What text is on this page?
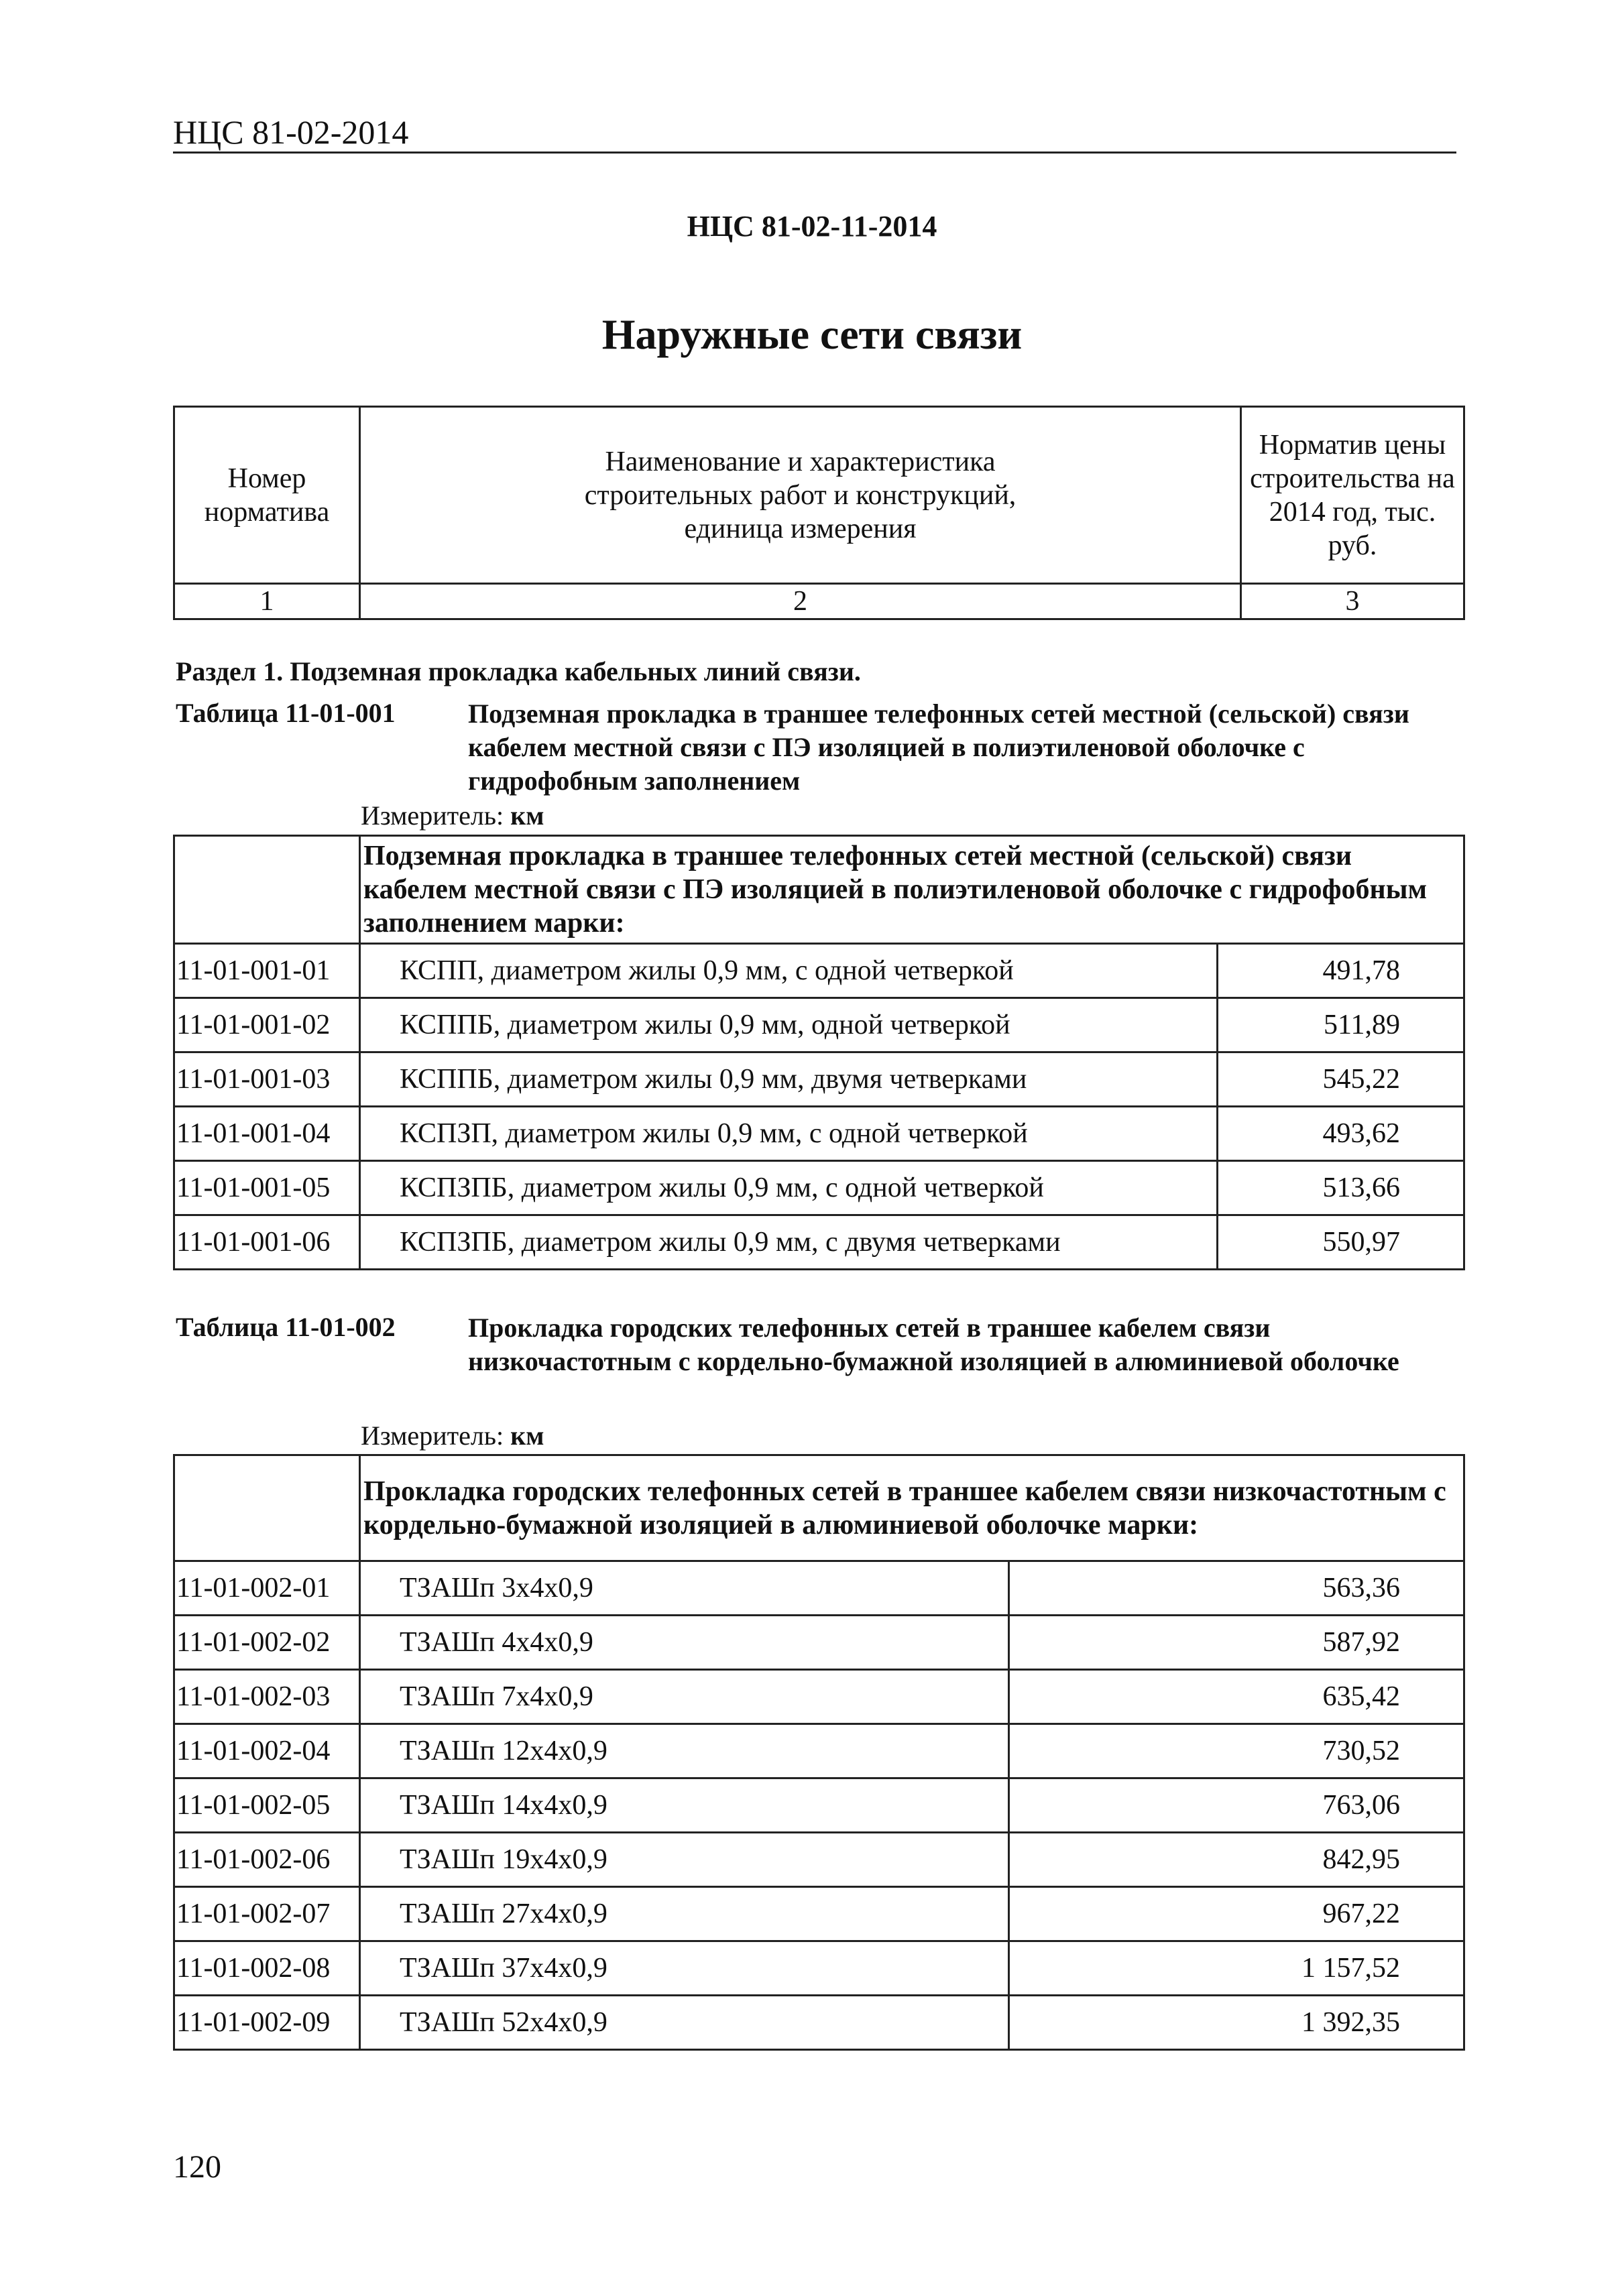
НЦС 81-02-2014
НЦС 81-02-11-2014
Наружные сети связи
Номер норматива	Наименование и характеристика строительных работ и конструкций, единица измерения	Норматив цены строительства на 2014 год, тыс. руб.
1	2	3
Раздел 1. Подземная прокладка кабельных линий связи.
Таблица 11-01-001	Подземная прокладка в траншее телефонных сетей местной (сельской) связи кабелем местной связи с ПЭ изоляцией в полиэтиленовой оболочке с гидрофобным заполнением
Измеритель: км
	Подземная прокладка в траншее телефонных сетей местной (сельской) связи кабелем местной связи с ПЭ изоляцией в полиэтиленовой оболочке с гидрофобным заполнением марки:	
11-01-001-01	КСПП, диаметром жилы 0,9 мм, с одной четверкой	491,78
11-01-001-02	КСППБ, диаметром жилы 0,9 мм, одной четверкой	511,89
11-01-001-03	КСППБ, диаметром жилы 0,9 мм, двумя четверками	545,22
11-01-001-04	КСПЗП, диаметром жилы 0,9 мм, с одной четверкой	493,62
11-01-001-05	КСПЗПБ, диаметром жилы 0,9 мм, с одной четверкой	513,66
11-01-001-06	КСПЗПБ, диаметром жилы 0,9 мм, с двумя четверками	550,97
Таблица 11-01-002	Прокладка городских телефонных сетей в траншее кабелем связи низкочастотным с кордельно-бумажной изоляцией в алюминиевой оболочке
Измеритель: км
	Прокладка городских телефонных сетей в траншее кабелем связи низкочастотным с кордельно-бумажной изоляцией в алюминиевой оболочке марки:	
11-01-002-01	ТЗАШп 3х4х0,9	563,36
11-01-002-02	ТЗАШп 4х4х0,9	587,92
11-01-002-03	ТЗАШп 7х4х0,9	635,42
11-01-002-04	ТЗАШп 12х4х0,9	730,52
11-01-002-05	ТЗАШп 14х4х0,9	763,06
11-01-002-06	ТЗАШп 19х4х0,9	842,95
11-01-002-07	ТЗАШп 27х4х0,9	967,22
11-01-002-08	ТЗАШп 37х4х0,9	1 157,52
11-01-002-09	ТЗАШп 52х4х0,9	1 392,35
120
